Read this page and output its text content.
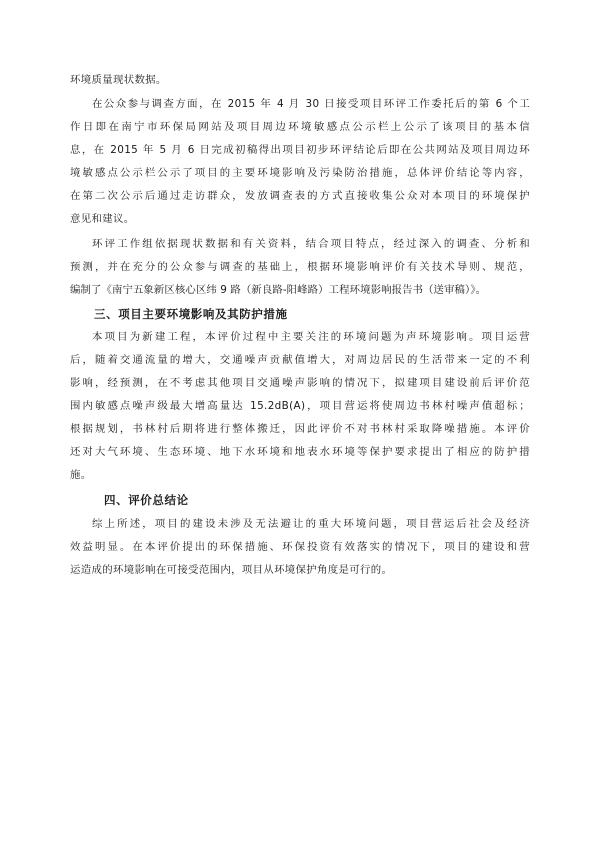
环境质量现状数据。
在公众参与调查方面，在 2015 年 4 月 30 日接受项目环评工作委托后的第 6 个工
作日即在南宁市环保局网站及项目周边环境敏感点公示栏上公示了该项目的基本信
息，在 2015 年 5 月 6 日完成初稿得出项目初步环评结论后即在公共网站及项目周边环
境敏感点公示栏公示了项目的主要环境影响及污染防治措施，总体评价结论等内容，
在第二次公示后通过走访群众，发放调查表的方式直接收集公众对本项目的环境保护
意见和建议。
环评工作组依据现状数据和有关资料，结合项目特点，经过深入的调查、分析和
预测，并在充分的公众参与调查的基础上，根据环境影响评价有关技术导则、规范，
编制了《南宁五象新区核心区纬 9 路（新良路-阳峰路）工程环境影响报告书（送审稿）》。
三、项目主要环境影响及其防护措施
本项目为新建工程，本评价过程中主要关注的环境问题为声环境影响。项目运营
后，随着交通流量的增大，交通噪声贡献值增大，对周边居民的生活带来一定的不利
影响，经预测，在不考虑其他项目交通噪声影响的情况下，拟建项目建设前后评价范
围内敏感点噪声级最大增高量达 15.2dB(A)，项目营运将使周边书林村噪声值超标；
根据规划，书林村后期将进行整体搬迁，因此评价不对书林村采取降噪措施。本评价
还对大气环境、生态环境、地下水环境和地表水环境等保护要求提出了相应的防护措
施。
四、评价总结论
综上所述，项目的建设未涉及无法避让的重大环境问题，项目营运后社会及经济
效益明显。在本评价提出的环保措施、环保投资有效落实的情况下，项目的建设和营
运造成的环境影响在可接受范围内，项目从环境保护角度是可行的。
